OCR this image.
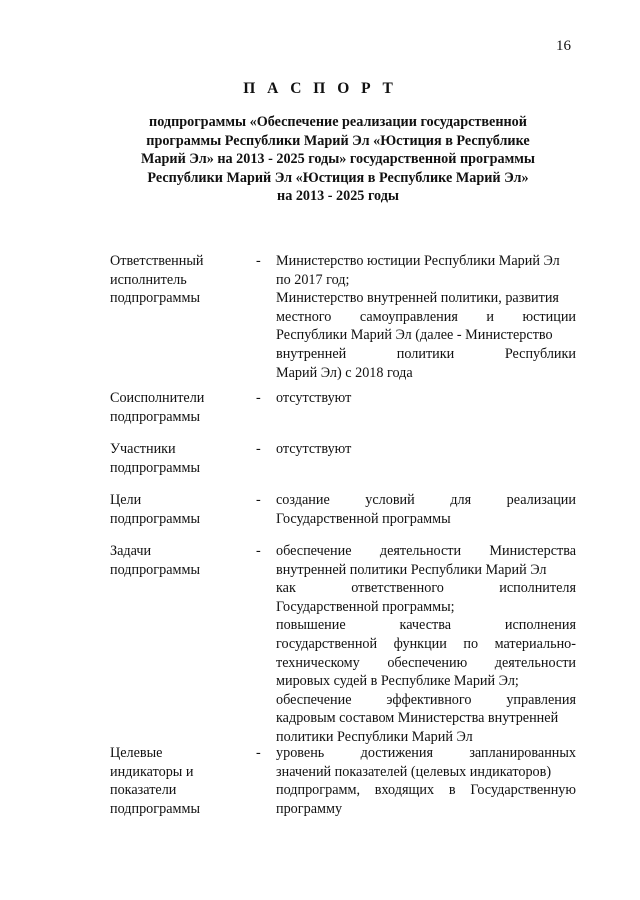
16
П А С П О Р Т
подпрограммы «Обеспечение реализации государственной
программы Республики Марий Эл «Юстиция в Республике
Марий Эл» на 2013 - 2025 годы» государственной программы
Республики Марий Эл «Юстиция в Республике Марий Эл»
на 2013 - 2025 годы
Ответственный
исполнитель
подпрограммы
- Министерство юстиции Республики Марий Эл
по 2017 год;
Министерство внутренней политики, развития
местного самоуправления и юстиции
Республики Марий Эл (далее - Министерство
внутренней политики Республики
Марий Эл) с 2018 года
Соисполнители
подпрограммы
- отсутствуют
Участники
подпрограммы
- отсутствуют
Цели
подпрограммы
- создание условий для реализации
Государственной программы
Задачи
подпрограммы
- обеспечение деятельности Министерства
внутренней политики Республики Марий Эл
как ответственного исполнителя
Государственной программы;
повышение качества исполнения
государственной функции по материально-
техническому обеспечению деятельности
мировых судей в Республике Марий Эл;
обеспечение эффективного управления
кадровым составом Министерства внутренней
политики Республики Марий Эл
Целевые
индикаторы и
показатели
подпрограммы
- уровень достижения запланированных
значений показателей (целевых индикаторов)
подпрограмм, входящих в Государственную
программу
